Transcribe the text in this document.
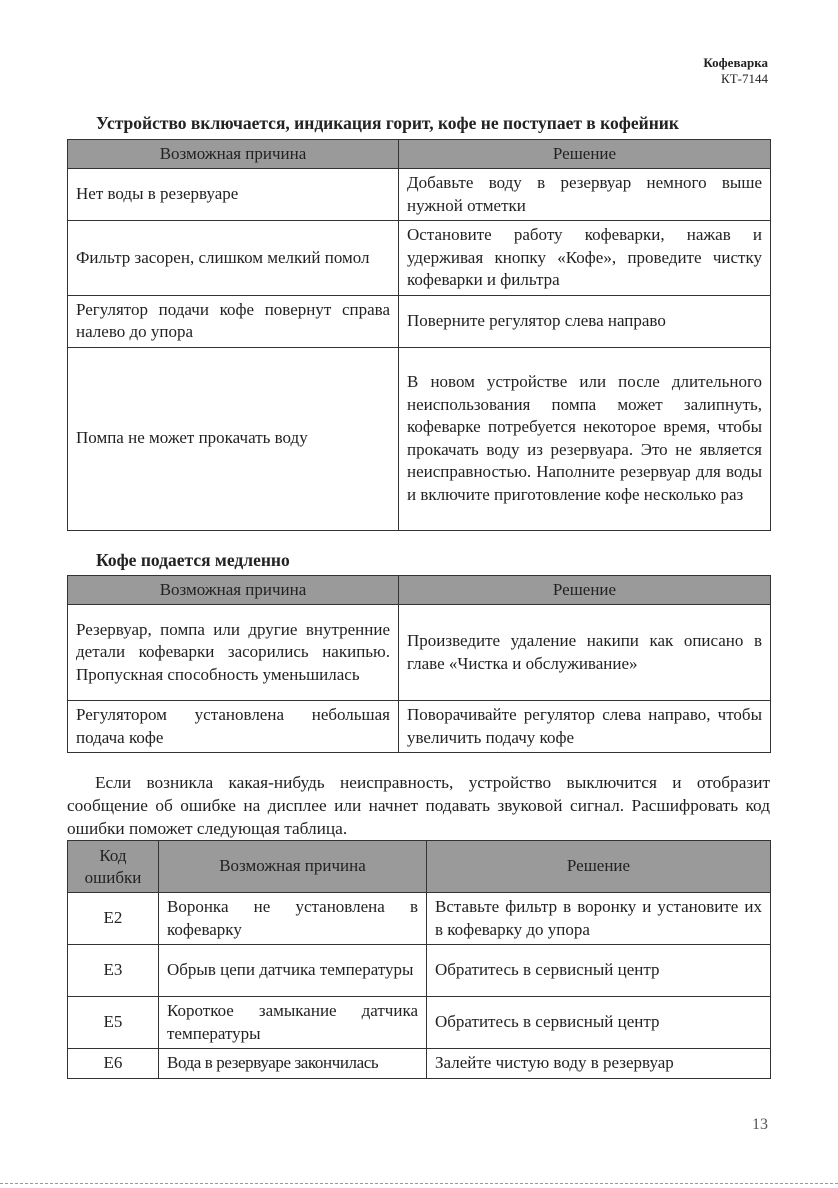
Кофеварка
КТ-7144
Устройство включается, индикация горит, кофе не поступает в кофейник
Возможная причина	Решение
Нет воды в резервуаре	Добавьте воду в резервуар немного выше нужной отметки
Фильтр засорен, слишком мелкий помол	Остановите работу кофеварки, нажав и удерживая кнопку «Кофе», проведите чистку кофеварки и фильтра
Регулятор подачи кофе повернут справа налево до упора	Поверните регулятор слева направо
Помпа не может прокачать воду	В новом устройстве или после длительного неиспользования помпа может залипнуть, кофеварке потребуется некоторое время, чтобы прокачать воду из резервуара. Это не является неисправностью. Наполните резервуар для воды и включите приготовление кофе несколько раз
Кофе подается медленно
Возможная причина	Решение
Резервуар, помпа или другие внутренние детали кофеварки засорились накипью. Пропускная способность уменьшилась	Произведите удаление накипи как описано в главе «Чистка и обслуживание»
Регулятором установлена небольшая подача кофе	Поворачивайте регулятор слева направо, чтобы увеличить подачу кофе
Если возникла какая-нибудь неисправность, устройство выключится и отобразит сообщение об ошибке на дисплее или начнет подавать звуковой сигнал. Расшифровать код ошибки поможет следующая таблица.
Код ошибки	Возможная причина	Решение
E2	Воронка не установлена в кофеварку	Вставьте фильтр в воронку и установите их в кофеварку до упора
E3	Обрыв цепи датчика температуры	Обратитесь в сервисный центр
E5	Короткое замыкание датчика температуры	Обратитесь в сервисный центр
E6	Вода в резервуаре закончилась	Залейте чистую воду в резервуар
13
